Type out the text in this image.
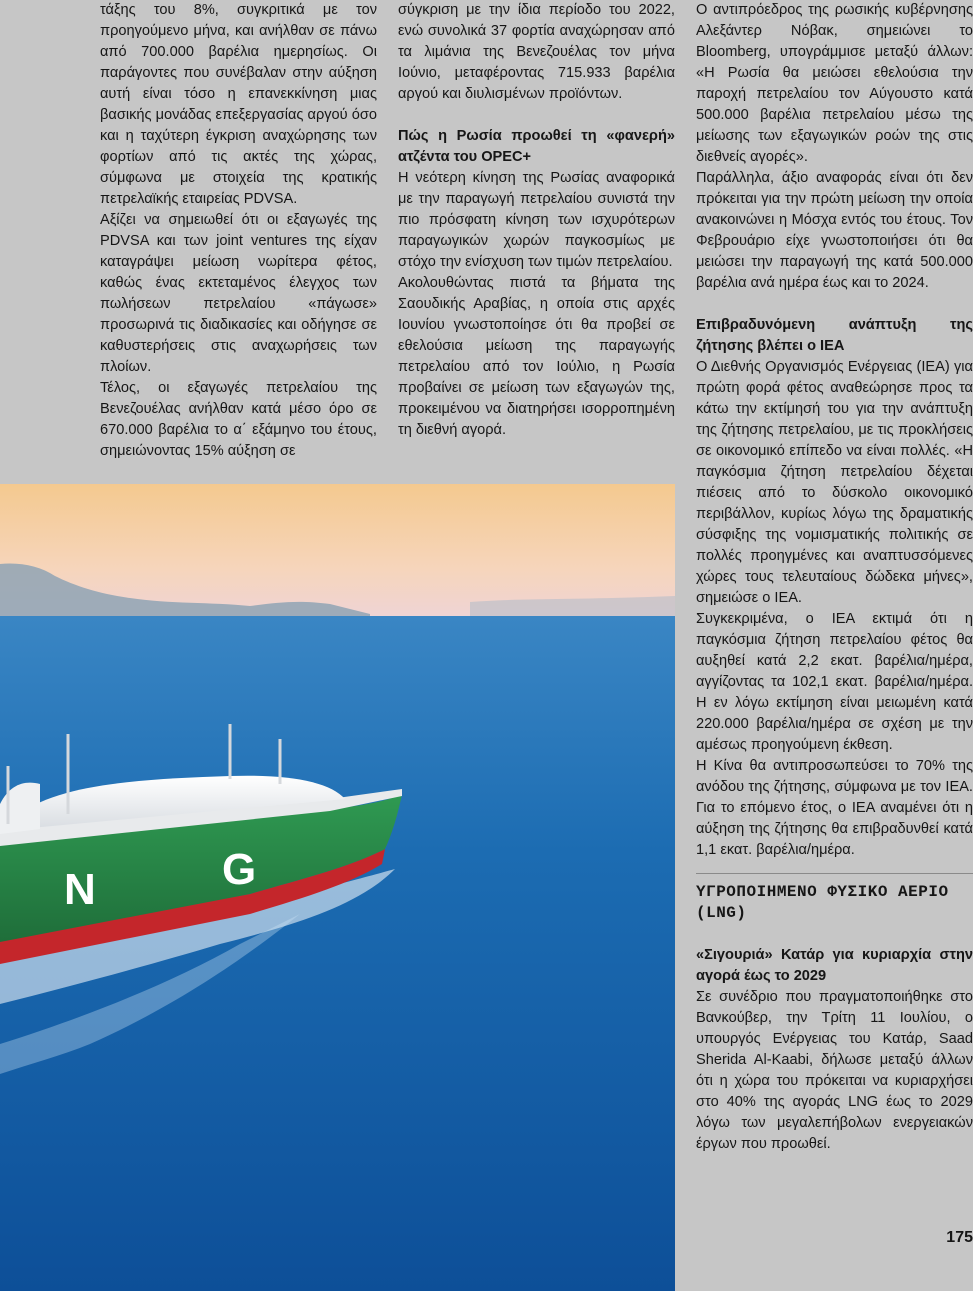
τάξης του 8%, συγκριτικά με τον προηγούμενο μήνα, και ανήλθαν σε πάνω από 700.000 βαρέλια ημερησίως. Οι παράγοντες που συνέβαλαν στην αύξηση αυτή είναι τόσο η επανεκκίνηση μιας βασικής μονάδας επεξεργασίας αργού όσο και η ταχύτερη έγκριση αναχώρησης των φορτίων από τις ακτές της χώρας, σύμφωνα με στοιχεία της κρατικής πετρελαϊκής εταιρείας PDVSA.

Αξίζει να σημειωθεί ότι οι εξαγωγές της PDVSA και των joint ventures της είχαν καταγράψει μείωση νωρίτερα φέτος, καθώς ένας εκτεταμένος έλεγχος των πωλήσεων πετρελαίου «πάγωσε» προσωρινά τις διαδικασίες και οδήγησε σε καθυστερήσεις στις αναχωρήσεις των πλοίων.

Τέλος, οι εξαγωγές πετρελαίου της Βενεζουέλας ανήλθαν κατά μέσο όρο σε 670.000 βαρέλια το α΄ εξάμηνο του έτους, σημειώνοντας 15% αύξηση σε

σύγκριση με την ίδια περίοδο του 2022, ενώ συνολικά 37 φορτία αναχώρησαν από τα λιμάνια της Βενεζουέλας τον μήνα Ιούνιο, μεταφέροντας 715.933 βαρέλια αργού και διυλισμένων προϊόντων.

Πώς η Ρωσία προωθεί τη «φανερή» ατζέντα του OPEC+

Η νεότερη κίνηση της Ρωσίας αναφορικά με την παραγωγή πετρελαίου συνιστά την πιο πρόσφατη κίνηση των ισχυρότερων παραγωγικών χωρών παγκοσμίως με στόχο την ενίσχυση των τιμών πετρελαίου.

Ακολουθώντας πιστά τα βήματα της Σαουδικής Αραβίας, η οποία στις αρχές Ιουνίου γνωστοποίησε ότι θα προβεί σε εθελούσια μείωση της παραγωγής πετρελαίου από τον Ιούλιο, η Ρωσία προβαίνει σε μείωση των εξαγωγών της, προκειμένου να διατηρήσει ισορροπημένη τη διεθνή αγορά.

Ο αντιπρόεδρος της ρωσικής κυβέρνησης Αλεξάντερ Νόβακ, σημειώνει το Bloomberg, υπογράμμισε μεταξύ άλλων: «Η Ρωσία θα μειώσει εθελούσια την παροχή πετρελαίου τον Αύγουστο κατά 500.000 βαρέλια πετρελαίου μέσω της μείωσης των εξαγωγικών ροών της στις διεθνείς αγορές».

Παράλληλα, άξιο αναφοράς είναι ότι δεν πρόκειται για την πρώτη μείωση την οποία ανακοινώνει η Μόσχα εντός του έτους. Τον Φεβρουάριο είχε γνωστοποιήσει ότι θα μειώσει την παραγωγή της κατά 500.000 βαρέλια ανά ημέρα έως και το 2024.

Επιβραδυνόμενη ανάπτυξη της ζήτησης βλέπει ο ΙΕΑ

Ο Διεθνής Οργανισμός Ενέργειας (ΙΕΑ) για πρώτη φορά φέτος αναθεώρησε προς τα κάτω την εκτίμησή του για την ανάπτυξη της ζήτησης πετρελαίου, με τις προκλήσεις σε οικονομικό επίπεδο να είναι πολλές. «Η παγκόσμια ζήτηση πετρελαίου δέχεται πιέσεις από το δύσκολο οικονομικό περιβάλλον, κυρίως λόγω της δραματικής σύσφιξης της νομισματικής πολιτικής σε πολλές προηγμένες και αναπτυσσόμενες χώρες τους τελευταίους δώδεκα μήνες», σημειώσε ο ΙΕΑ.

Συγκεκριμένα, ο ΙΕΑ εκτιμά ότι η παγκόσμια ζήτηση πετρελαίου φέτος θα αυξηθεί κατά 2,2 εκατ. βαρέλια/ημέρα, αγγίζοντας τα 102,1 εκατ. βαρέλια/ημέρα. Η εν λόγω εκτίμηση είναι μειωμένη κατά 220.000 βαρέλια/ημέρα σε σχέση με την αμέσως προηγούμενη έκθεση.

Η Κίνα θα αντιπροσωπεύσει το 70% της ανόδου της ζήτησης, σύμφωνα με τον ΙΕΑ. Για το επόμενο έτος, ο ΙΕΑ αναμένει ότι η αύξηση της ζήτησης θα επιβραδυνθεί κατά 1,1 εκατ. βαρέλια/ημέρα.

ΥΓΡΟΠΟΙΗΜΕΝΟ ΦΥΣΙΚΟ ΑΕΡΙΟ (LNG)

«Σιγουριά» Κατάρ για κυριαρχία στην αγορά έως το 2029

Σε συνέδριο που πραγματοποιήθηκε στο Βανκούβερ, την Τρίτη 11 Ιουλίου, ο υπουργός Ενέργειας του Κατάρ, Saad Sherida Al-Kaabi, δήλωσε μεταξύ άλλων ότι η χώρα του πρόκειται να κυριαρχήσει στο 40% της αγοράς LNG έως το 2029 λόγω των μεγαλεπήβολων ενεργειακών έργων που προωθεί.

N	G
175
